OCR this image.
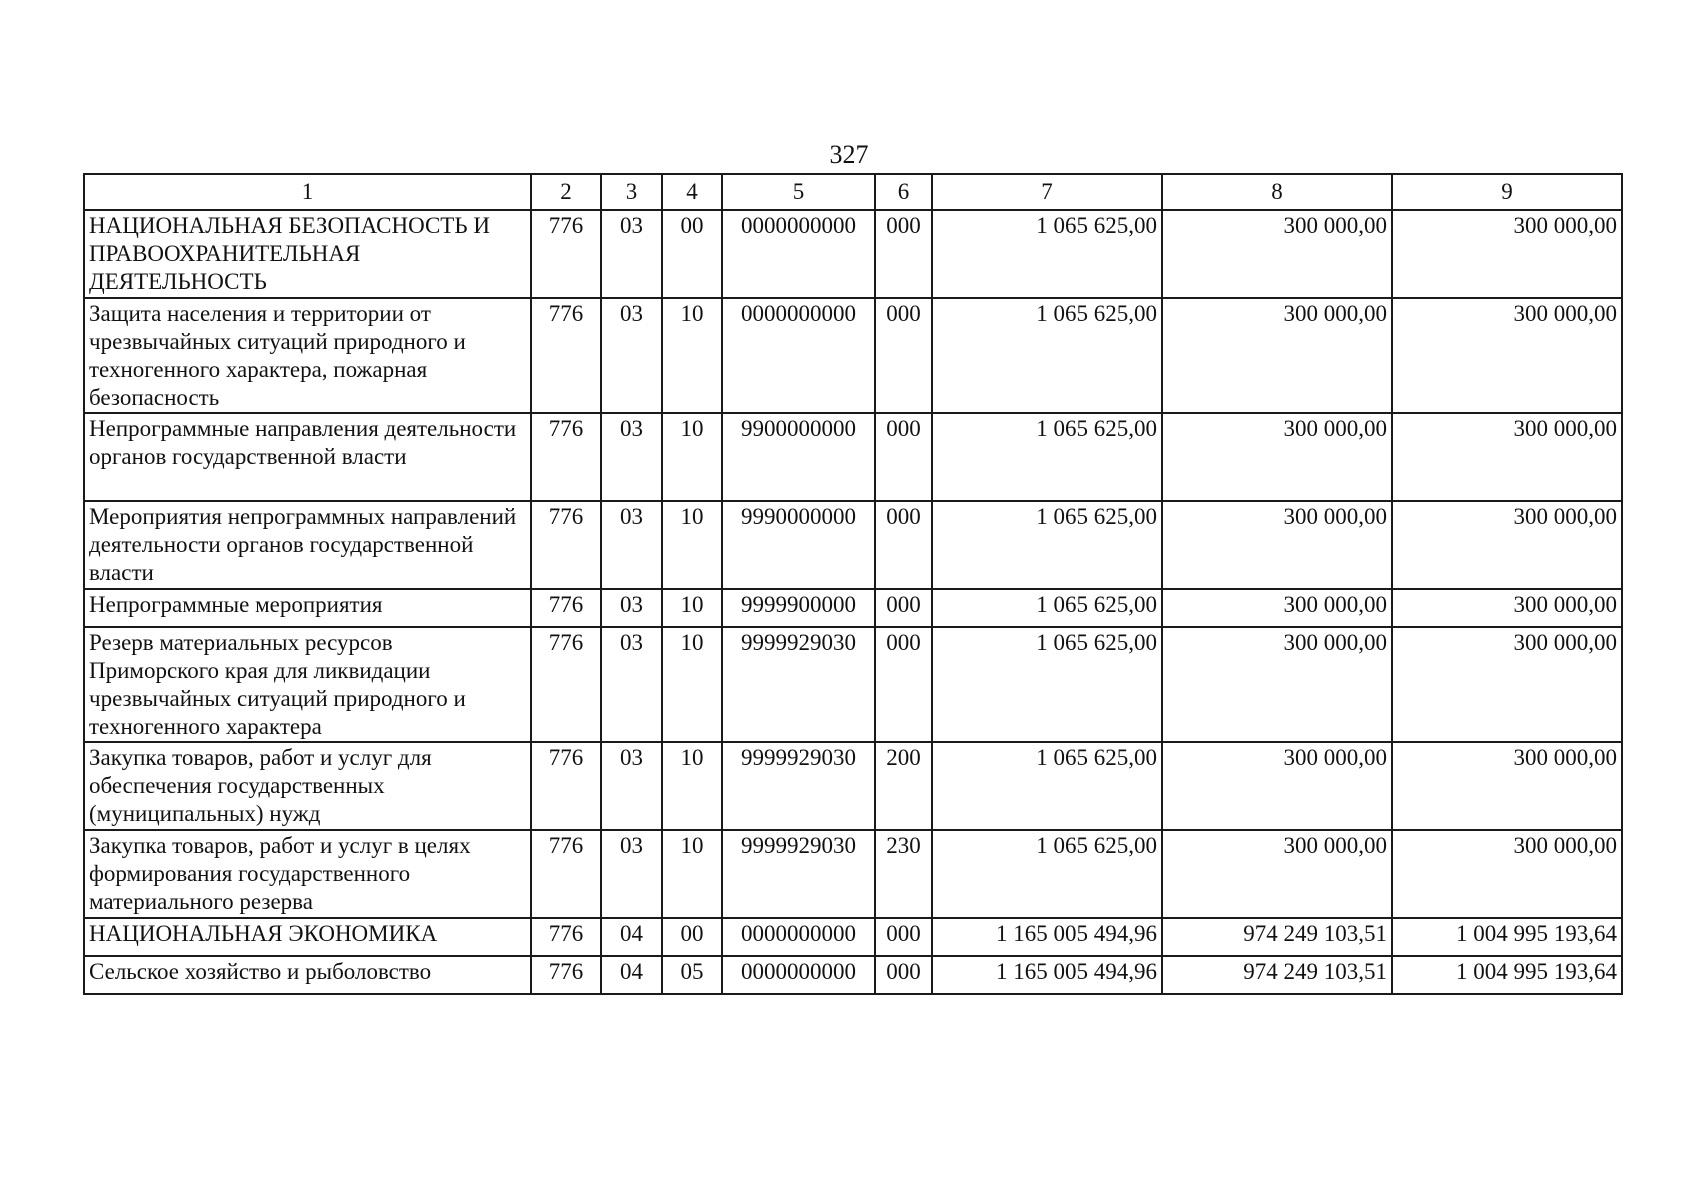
327
1	2	3	4	5	6	7	8	9
НАЦИОНАЛЬНАЯ БЕЗОПАСНОСТЬ И ПРАВООХРАНИТЕЛЬНАЯ ДЕЯТЕЛЬНОСТЬ	776	03	00	0000000000	000	1 065 625,00	300 000,00	300 000,00
Защита населения и территории от чрезвычайных ситуаций природного и техногенного характера, пожарная безопасность	776	03	10	0000000000	000	1 065 625,00	300 000,00	300 000,00
Непрограммные направления деятельности органов государственной власти	776	03	10	9900000000	000	1 065 625,00	300 000,00	300 000,00
Мероприятия непрограммных направлений деятельности органов государственной власти	776	03	10	9990000000	000	1 065 625,00	300 000,00	300 000,00
Непрограммные мероприятия	776	03	10	9999900000	000	1 065 625,00	300 000,00	300 000,00
Резерв материальных ресурсов Приморского края для ликвидации чрезвычайных ситуаций природного и техногенного характера	776	03	10	9999929030	000	1 065 625,00	300 000,00	300 000,00
Закупка товаров, работ и услуг для обеспечения государственных (муниципальных) нужд	776	03	10	9999929030	200	1 065 625,00	300 000,00	300 000,00
Закупка товаров, работ и услуг в целях формирования государственного материального резерва	776	03	10	9999929030	230	1 065 625,00	300 000,00	300 000,00
НАЦИОНАЛЬНАЯ ЭКОНОМИКА	776	04	00	0000000000	000	1 165 005 494,96	974 249 103,51	1 004 995 193,64
Сельское хозяйство и рыболовство	776	04	05	0000000000	000	1 165 005 494,96	974 249 103,51	1 004 995 193,64
